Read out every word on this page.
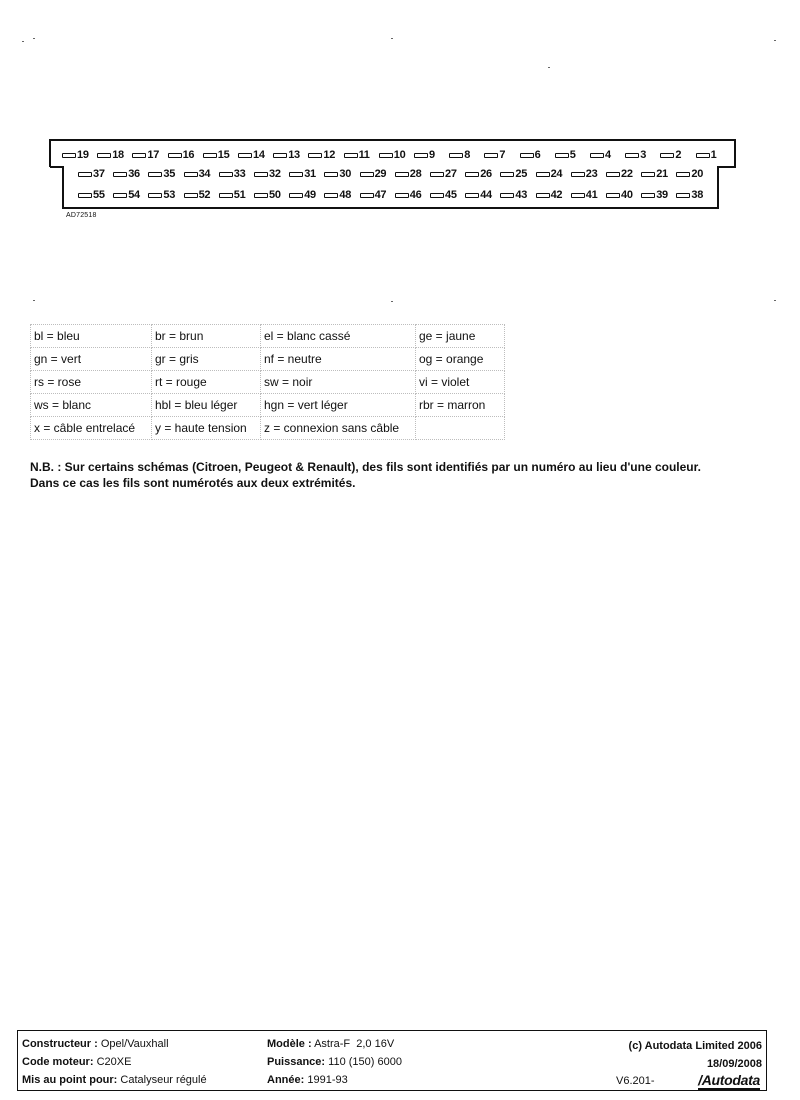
19 18 17 16 15 14 13 12 11 10 9	8	7	6	5	4	3	2	1
37 36 35 34 33 32 31 30 29 28 27 26 25 24 23 22 21 20
55 54 53 52 51 50 49 48 47 46 45 44 43 42 41 40 39 38
AD72518
bl = bleu	br = brun	el = blanc cassé	ge = jaune
gn = vert	gr = gris	nf = neutre	og = orange
rs = rose	rt = rouge	sw = noir	vi = violet
ws = blanc	hbl = bleu léger	hgn = vert léger	rbr = marron
x = câble entrelacé	y = haute tension	z = connexion sans câble	
N.B. : Sur certains schémas (Citroen, Peugeot & Renault), des fils sont identifiés par un numéro au lieu d'une couleur.
Dans ce cas les fils sont numérotés aux deux extrémités.
Constructeur : Opel/Vauxhall
Code moteur: C20XE
Mis au point pour: Catalyseur régulé
Modèle : Astra-F  2,0 16V
Puissance: 110 (150) 6000
Année: 1991-93
(c) Autodata Limited 2006
18/09/2008
V6.201-	/Autodata
